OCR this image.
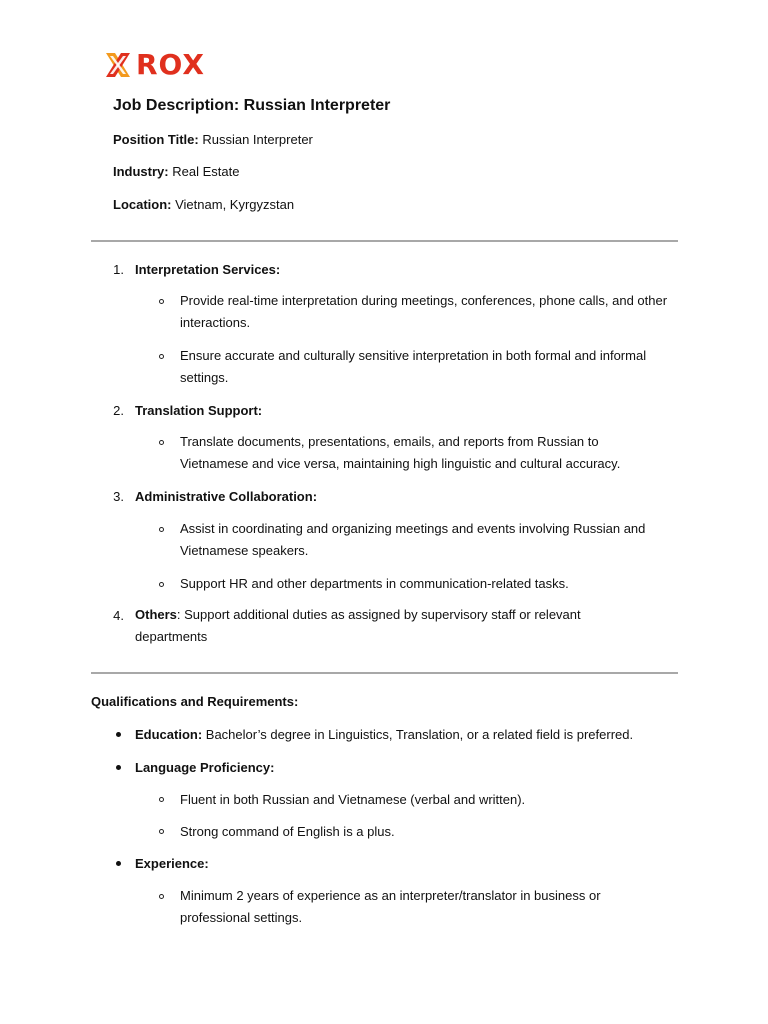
ROX
Job Description: Russian Interpreter
Position Title: Russian Interpreter
Industry: Real Estate
Location: Vietnam, Kyrgyzstan
1. Interpretation Services:
Provide real-time interpretation during meetings, conferences, phone calls, and other interactions.
Ensure accurate and culturally sensitive interpretation in both formal and informal settings.
2. Translation Support:
Translate documents, presentations, emails, and reports from Russian to Vietnamese and vice versa, maintaining high linguistic and cultural accuracy.
3. Administrative Collaboration:
Assist in coordinating and organizing meetings and events involving Russian and Vietnamese speakers.
Support HR and other departments in communication-related tasks.
4. Others: Support additional duties as assigned by supervisory staff or relevant departments
Qualifications and Requirements:
Education: Bachelor’s degree in Linguistics, Translation, or a related field is preferred.
Language Proficiency:
Fluent in both Russian and Vietnamese (verbal and written).
Strong command of English is a plus.
Experience:
Minimum 2 years of experience as an interpreter/translator in business or professional settings.
